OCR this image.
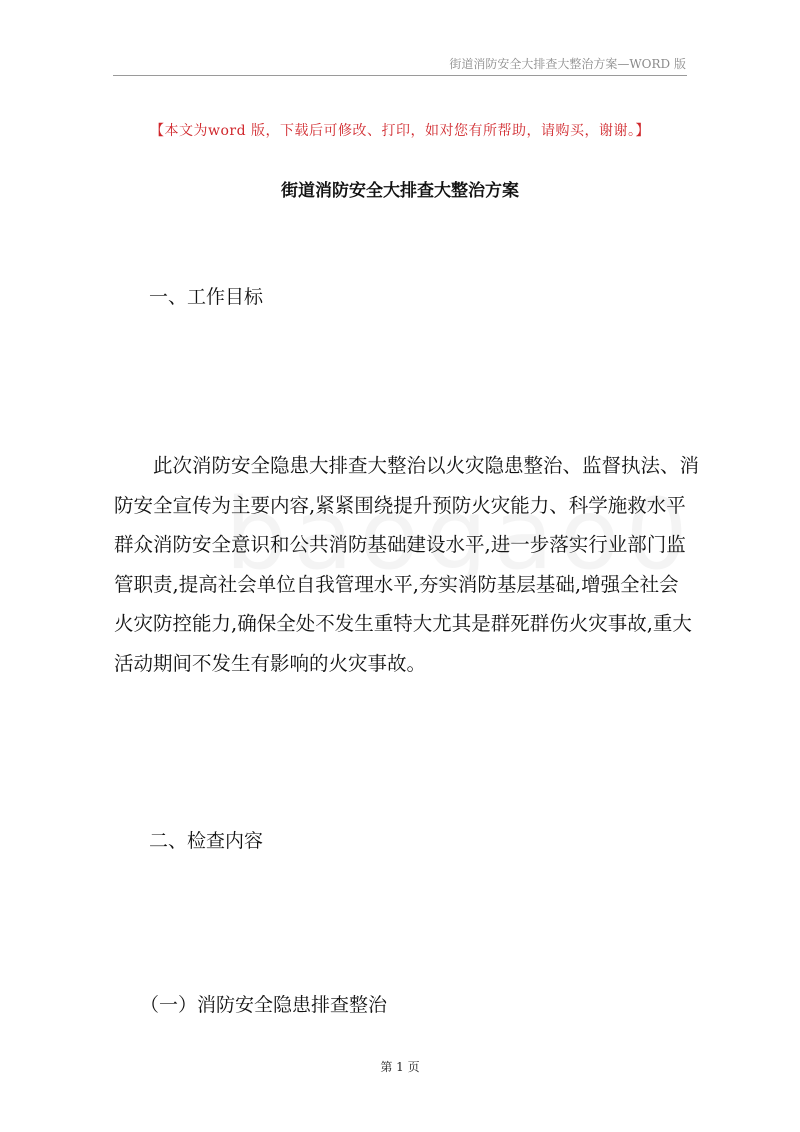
街道消防安全大排查大整治方案—WORD 版
【本文为word 版，下载后可修改、打印，如对您有所帮助，请购买，谢谢。】
街道消防安全大排查大整治方案
一、工作目标
　　此次消防安全隐患大排查大整治以火灾隐患整治、监督执法、消
防安全宣传为主要内容,紧紧围绕提升预防火灾能力、科学施救水平
群众消防安全意识和公共消防基础建设水平,进一步落实行业部门监
管职责,提高社会单位自我管理水平,夯实消防基层基础,增强全社会
火灾防控能力,确保全处不发生重特大尤其是群死群伤火灾事故,重大
活动期间不发生有影响的火灾事故。
二、检查内容
（一）消防安全隐患排查整治
第 1 页
